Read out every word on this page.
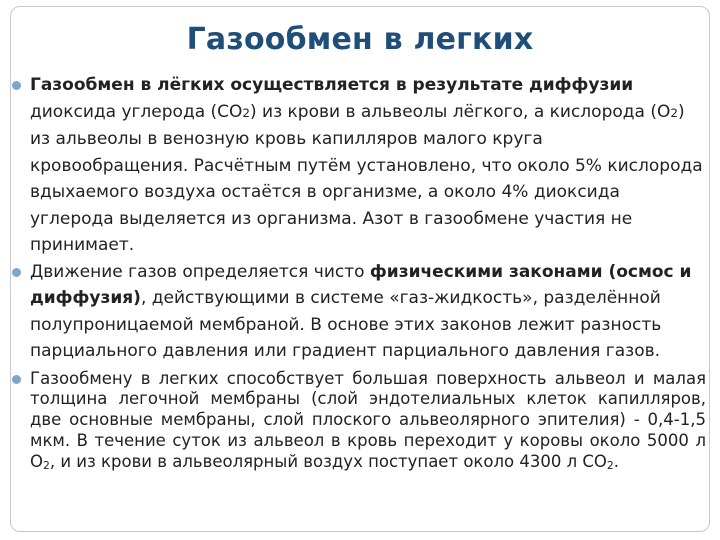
Газообмен в легких
Газообмен в лёгких осуществляется в результате диффузии диоксида углерода (СО2) из крови в альвеолы лёгкого, а кислорода (О2) из альвеолы в венозную кровь капилляров малого круга кровообращения. Расчётным путём установлено, что около 5% кислорода вдыхаемого воздуха остаётся в организме, а около 4% диоксида углерода выделяется из организма. Азот в газообмене участия не принимает.
Движение газов определяется чисто физическими законами (осмос и диффузия), действующими в системе «газ-жидкость», разделённой полупроницаемой мембраной. В основе этих законов лежит разность парциального давления или градиент парциального давления газов.
Газообмену в легких способствует большая поверхность альвеол и малая толщина легочной мембраны (слой эндотелиальных клеток капилляров, две основные мембраны, слой плоского альвеолярного эпителия) - 0,4-1,5 мкм. В течение суток из альвеол в кровь переходит у коровы около 5000 л $О_2$, и из крови в альвеолярный воздух поступает около 4300 л $СО_2$.
